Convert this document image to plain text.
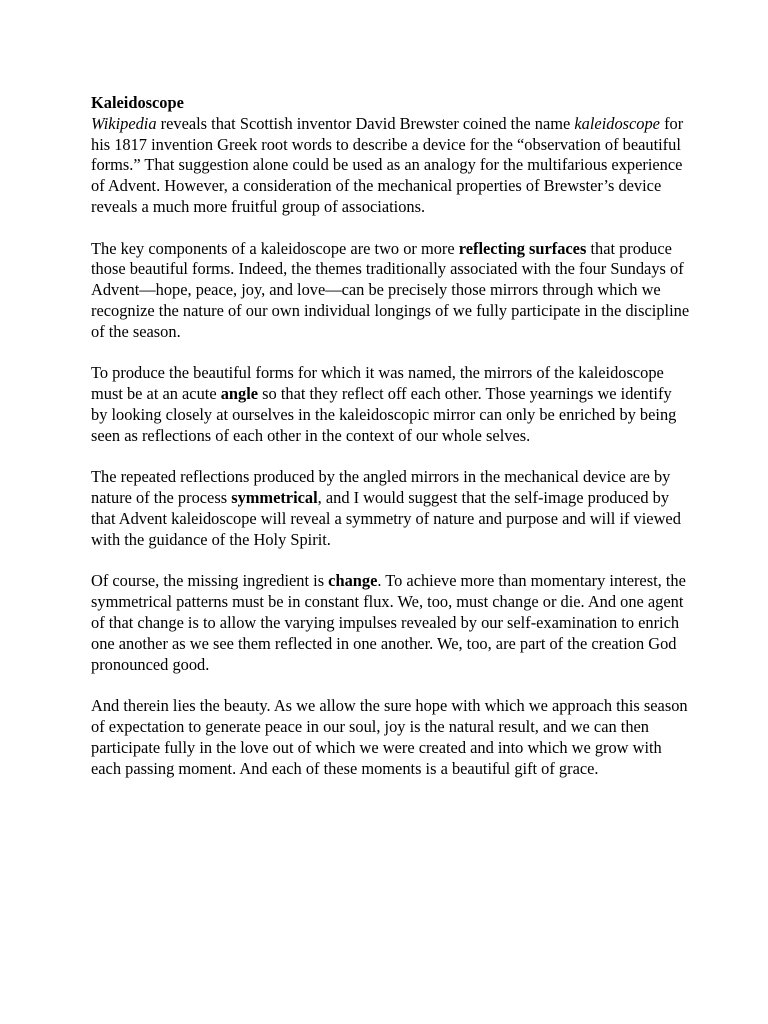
Kaleidoscope

Wikipedia reveals that Scottish inventor David Brewster coined the name kaleidoscope for his 1817 invention Greek root words to describe a device for the “observation of beautiful forms.” That suggestion alone could be used as an analogy for the multifarious experience of Advent. However, a consideration of the mechanical properties of Brewster’s device reveals a much more fruitful group of associations.

The key components of a kaleidoscope are two or more reflecting surfaces that produce those beautiful forms. Indeed, the themes traditionally associated with the four Sundays of Advent—hope, peace, joy, and love—can be precisely those mirrors through which we recognize the nature of our own individual longings of we fully participate in the discipline of the season.

To produce the beautiful forms for which it was named, the mirrors of the kaleidoscope must be at an acute angle so that they reflect off each other. Those yearnings we identify by looking closely at ourselves in the kaleidoscopic mirror can only be enriched by being seen as reflections of each other in the context of our whole selves.

The repeated reflections produced by the angled mirrors in the mechanical device are by nature of the process symmetrical, and I would suggest that the self-image produced by that Advent kaleidoscope will reveal a symmetry of nature and purpose and will if viewed with the guidance of the Holy Spirit.

Of course, the missing ingredient is change. To achieve more than momentary interest, the symmetrical patterns must be in constant flux. We, too, must change or die. And one agent of that change is to allow the varying impulses revealed by our self-examination to enrich one another as we see them reflected in one another. We, too, are part of the creation God pronounced good.

And therein lies the beauty. As we allow the sure hope with which we approach this season of expectation to generate peace in our soul, joy is the natural result, and we can then participate fully in the love out of which we were created and into which we grow with each passing moment. And each of these moments is a beautiful gift of grace.
